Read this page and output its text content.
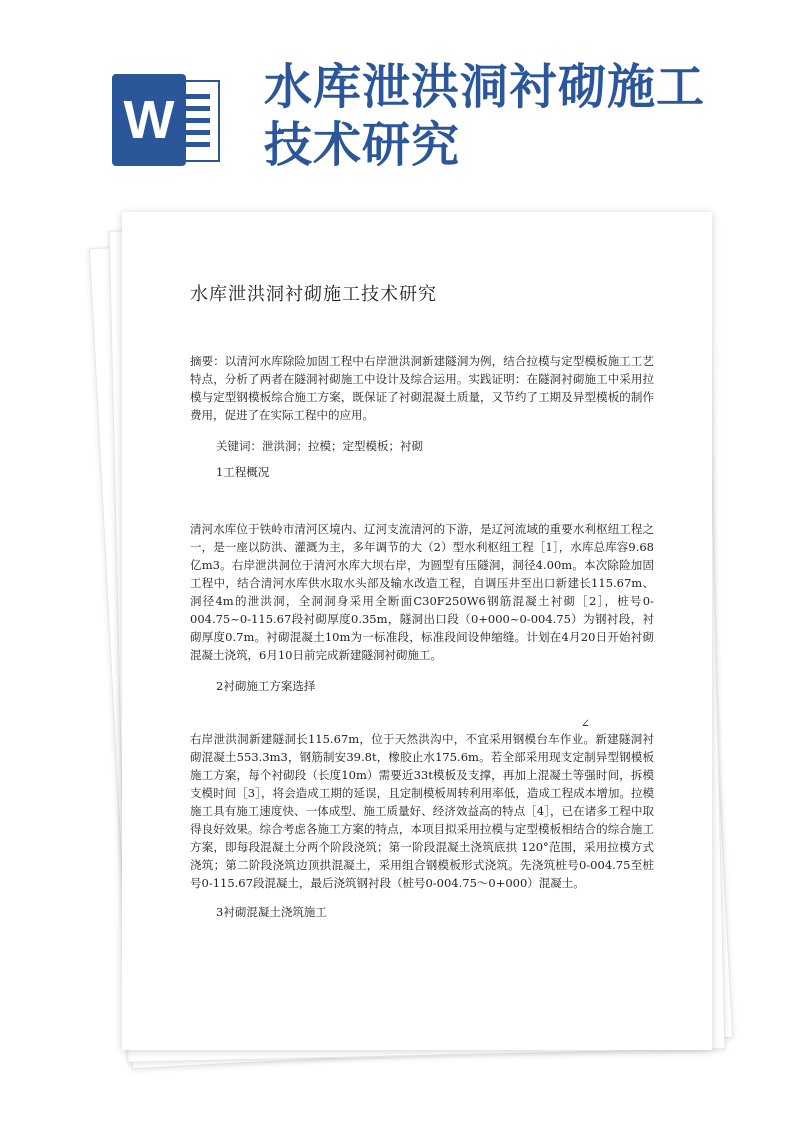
W
水库泄洪洞衬砌施工技术研究
水库泄洪洞衬砌施工技术研究

摘要：以清河水库除险加固工程中右岸泄洪洞新建隧洞为例，结合拉模与定型模板施工工艺特点，分析了两者在隧洞衬砌施工中设计及综合运用。实践证明：在隧洞衬砌施工中采用拉模与定型钢模板综合施工方案，既保证了衬砌混凝土质量，又节约了工期及异型模板的制作费用，促进了在实际工程中的应用。

关键词：泄洪洞；拉模；定型模板；衬砌

1工程概况

清河水库位于铁岭市清河区境内、辽河支流清河的下游，是辽河流域的重要水利枢纽工程之一，是一座以防洪、灌溉为主，多年调节的大（2）型水利枢纽工程［1］，水库总库容9.68亿m3。右岸泄洪洞位于清河水库大坝右岸，为圆型有压隧洞，洞径4.00m。本次除险加固工程中，结合清河水库供水取水头部及输水改造工程，自调压井至出口新建长115.67m、洞径4m的泄洪洞，全洞洞身采用全断面C30F250W6钢筋混凝土衬砌［2］，桩号0-004.75~0-115.67段衬砌厚度0.35m，隧洞出口段（0+000~0-004.75）为钢衬段，衬砌厚度0.7m。衬砌混凝土10m为一标准段，标准段间设伸缩缝。计划在4月20日开始衬砌混凝土浇筑，6月10日前完成新建隧洞衬砌施工。

2衬砌施工方案选择

∠

右岸泄洪洞新建隧洞长115.67m，位于天然洪沟中，不宜采用钢模台车作业。新建隧洞衬砌混凝土553.3m3，钢筋制安39.8t，橡胶止水175.6m。若全部采用现支定制异型钢模板施工方案，每个衬砌段（长度10m）需要近33t模板及支撑，再加上混凝土等强时间，拆模支模时间［3］，将会造成工期的延误，且定制模板周转利用率低，造成工程成本增加。拉模施工具有施工速度快、一体成型、施工质量好、经济效益高的特点［4］，已在诸多工程中取得良好效果。综合考虑各施工方案的特点，本项目拟采用拉模与定型模板相结合的综合施工方案，即每段混凝土分两个阶段浇筑；第一阶段混凝土浇筑底拱 120°范围，采用拉模方式浇筑；第二阶段浇筑边顶拱混凝土，采用组合钢模板形式浇筑。先浇筑桩号0-004.75至桩号0-115.67段混凝土，最后浇筑钢衬段（桩号0-004.75～0+000）混凝土。

3衬砌混凝土浇筑施工
